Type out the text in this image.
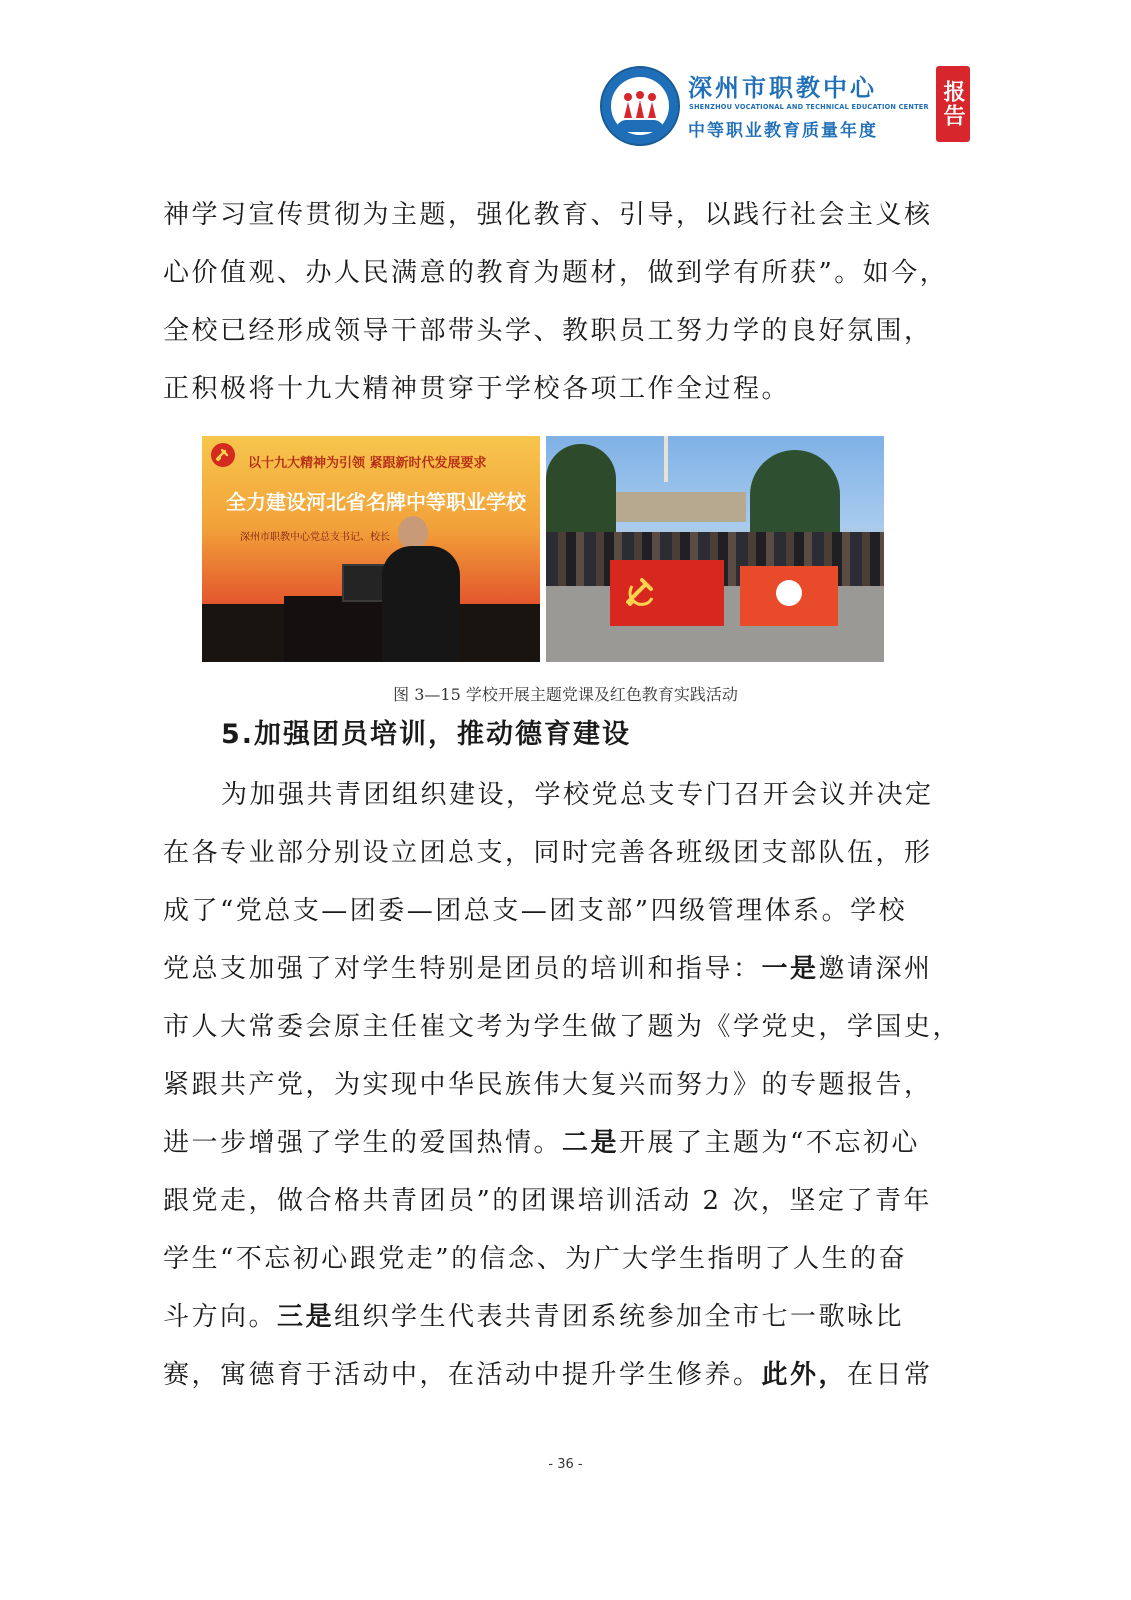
深州市职教中心
SHENZHOU VOCATIONAL AND TECHNICAL EDUCATION CENTER
中等职业教育质量年度
报告
神学习宣传贯彻为主题，强化教育、引导，以践行社会主义核
心价值观、办人民满意的教育为题材，做到学有所获”。如今，
全校已经形成领导干部带头学、教职员工努力学的良好氛围，
正积极将十九大精神贯穿于学校各项工作全过程。
以十九大精神为引领 紧跟新时代发展要求
全力建设河北省名牌中等职业学校
深州市职教中心党总支书记、校长
图 3—15 学校开展主题党课及红色教育实践活动
5.加强团员培训，推动德育建设
为加强共青团组织建设，学校党总支专门召开会议并决定
在各专业部分别设立团总支，同时完善各班级团支部队伍，形
成了“党总支—团委—团总支—团支部”四级管理体系。学校
党总支加强了对学生特别是团员的培训和指导：一是邀请深州
市人大常委会原主任崔文考为学生做了题为《学党史，学国史，
紧跟共产党，为实现中华民族伟大复兴而努力》的专题报告，
进一步增强了学生的爱国热情。二是开展了主题为“不忘初心
跟党走，做合格共青团员”的团课培训活动 2 次，坚定了青年
学生“不忘初心跟党走”的信念、为广大学生指明了人生的奋
斗方向。三是组织学生代表共青团系统参加全市七一歌咏比
赛，寓德育于活动中，在活动中提升学生修养。此外，在日常
- 36 -
